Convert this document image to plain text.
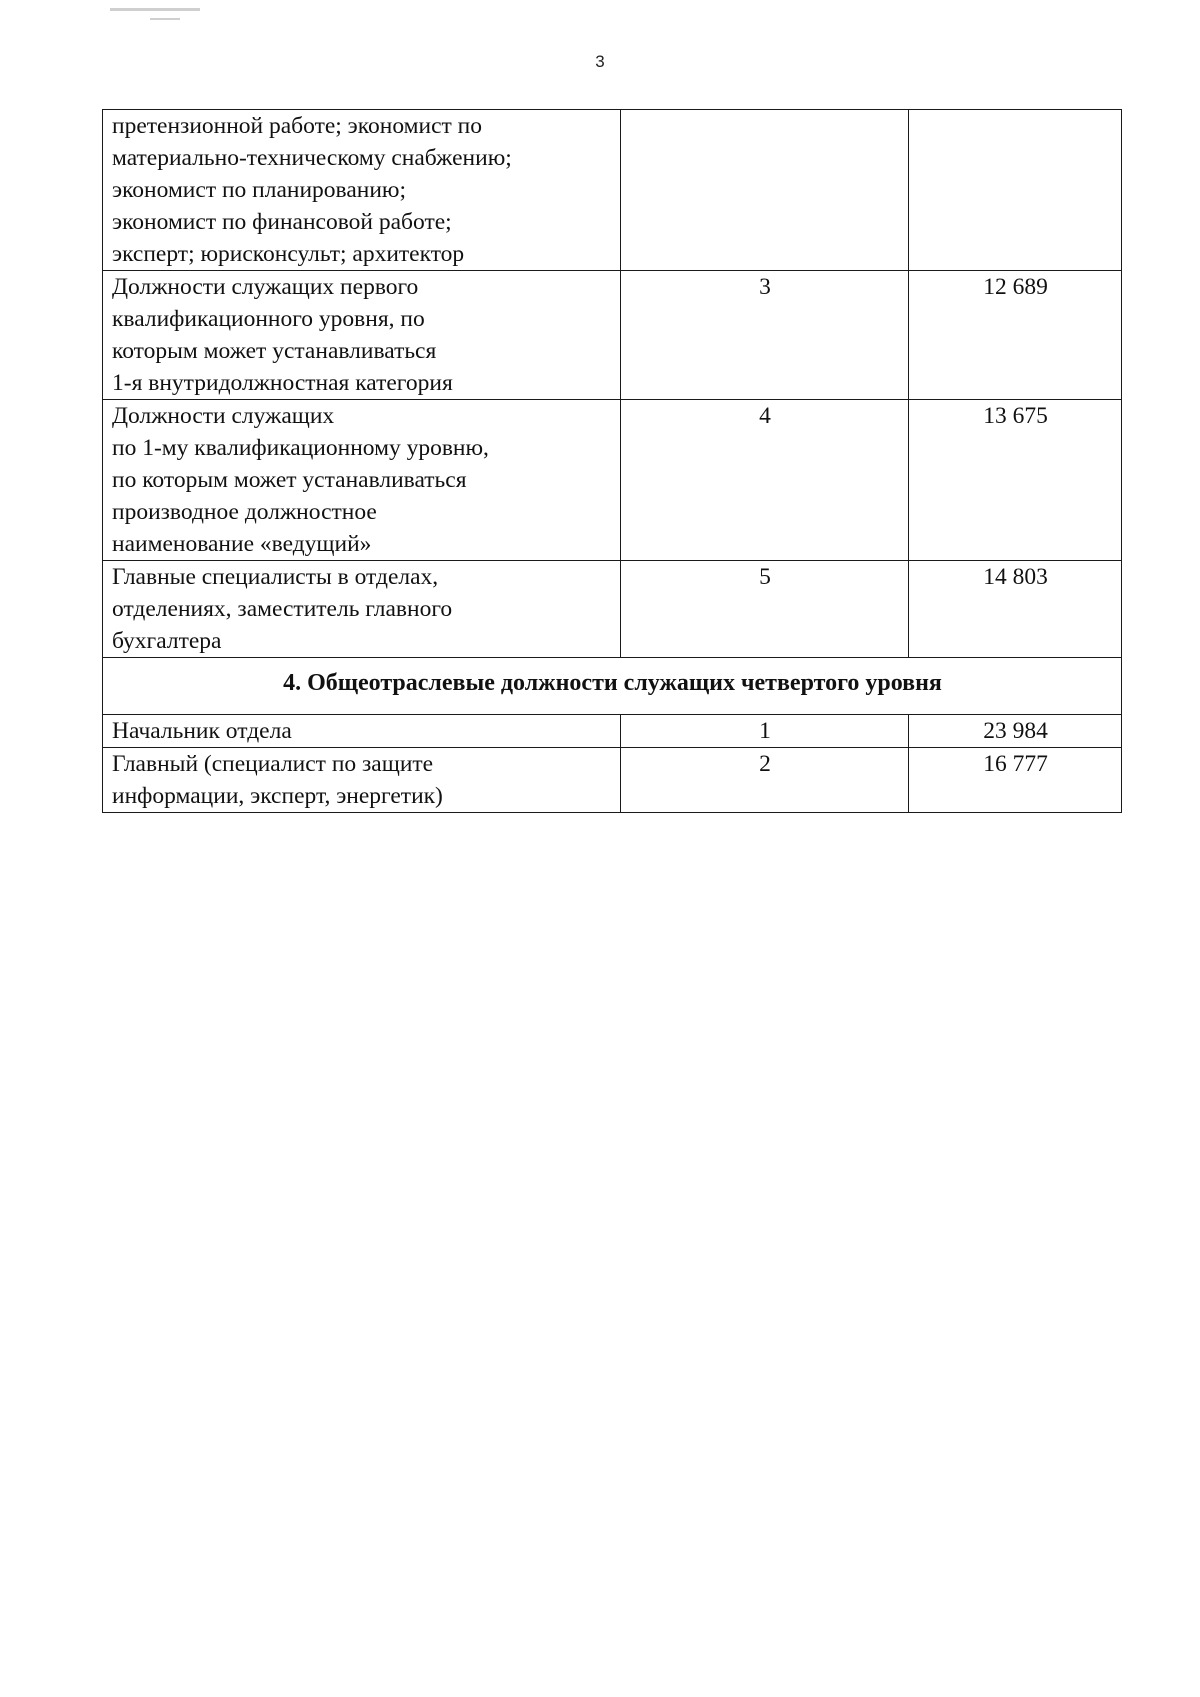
3
претензионной работе; экономист по
материально-техническому снабжению;
экономист по планированию;
экономист по финансовой работе;
эксперт; юрисконсульт; архитектор		
Должности служащих первого
квалификационного уровня, по
которым может устанавливаться
1-я внутридолжностная категория	3	12 689
Должности служащих
по 1-му квалификационному уровню,
по которым может устанавливаться
производное должностное
наименование «ведущий»	4	13 675
Главные специалисты в отделах,
отделениях, заместитель главного
бухгалтера	5	14 803
4. Общеотраслевые должности служащих четвертого уровня		
Начальник отдела	1	23 984
Главный (специалист по защите
информации, эксперт, энергетик)	2	16 777
